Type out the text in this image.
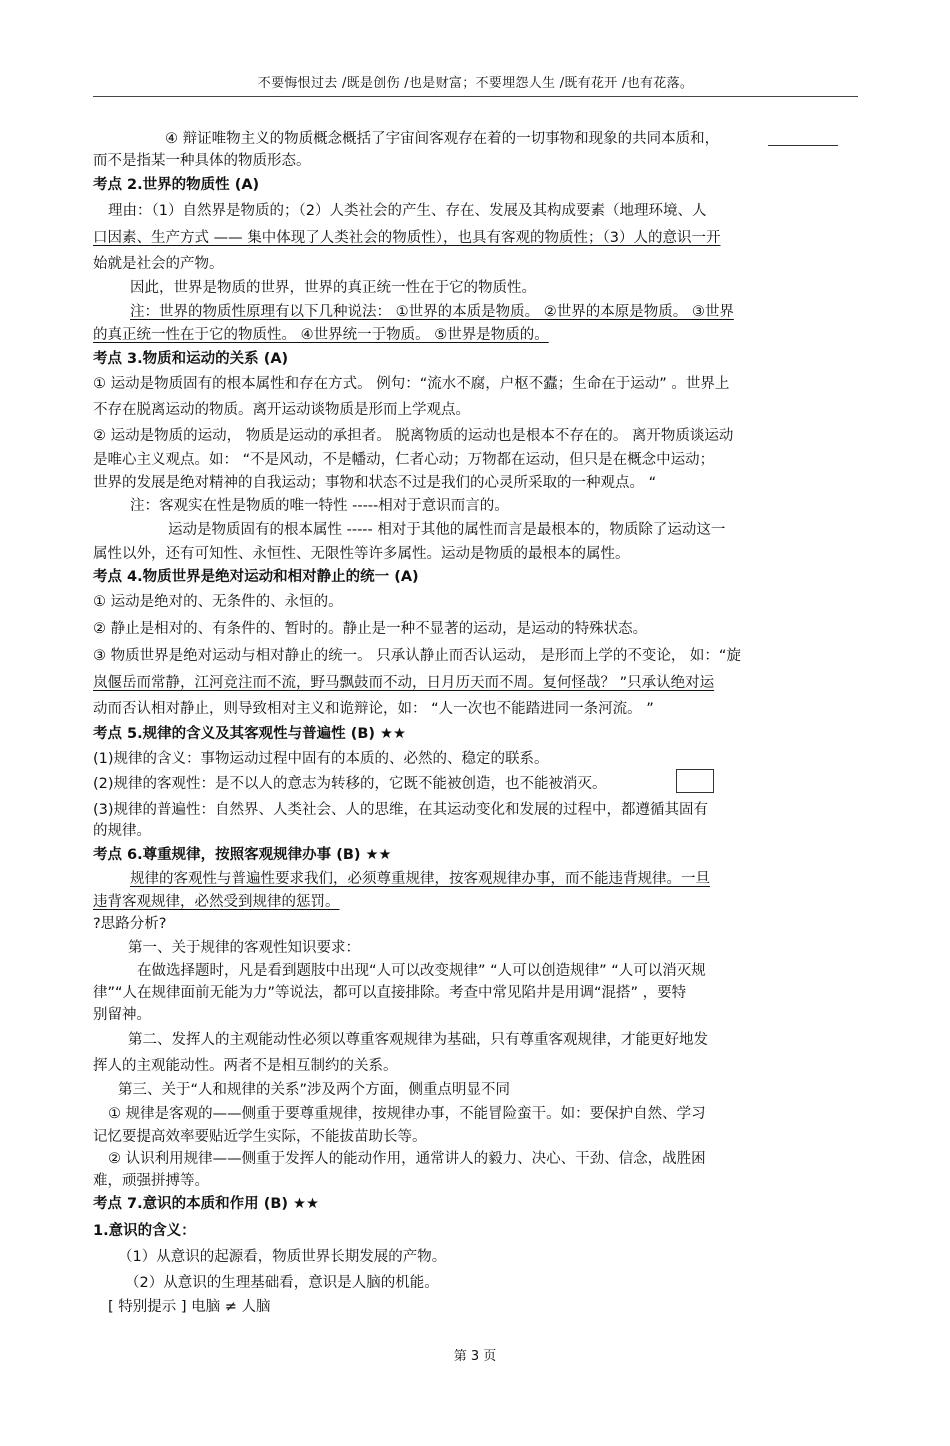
不要悔恨过去 /既是创伤 /也是财富；不要埋怨人生 /既有花开 /也有花落。
④ 辩证唯物主义的物质概念概括了宇宙间客观存在着的一切事物和现象的共同本质和，
而不是指某一种具体的物质形态。
考点 2.世界的物质性 (A)
理由：（1）自然界是物质的；（2）人类社会的产生、存在、发展及其构成要素（地理环境、人
口因素、生产方式 —— 集中体现了人类社会的物质性），也具有客观的物质性；（3）人的意识一开
始就是社会的产物。
因此，世界是物质的世界，世界的真正统一性在于它的物质性。
注：世界的物质性原理有以下几种说法： ①世界的本质是物质。 ②世界的本原是物质。 ③世界
的真正统一性在于它的物质性。 ④世界统一于物质。 ⑤世界是物质的。
考点 3.物质和运动的关系 (A)
① 运动是物质固有的根本属性和存在方式。 例句：“流水不腐，户枢不蠹；生命在于运动” 。世界上
不存在脱离运动的物质。离开运动谈物质是形而上学观点。
② 运动是物质的运动， 物质是运动的承担者。 脱离物质的运动也是根本不存在的。 离开物质谈运动
是唯心主义观点。如： “不是风动，不是幡动，仁者心动；万物都在运动，但只是在概念中运动；
世界的发展是绝对精神的自我运动；事物和状态不过是我们的心灵所采取的一种观点。 “
注：客观实在性是物质的唯一特性 -----相对于意识而言的。
运动是物质固有的根本属性 ----- 相对于其他的属性而言是最根本的，物质除了运动这一
属性以外，还有可知性、永恒性、无限性等许多属性。运动是物质的最根本的属性。
考点 4.物质世界是绝对运动和相对静止的统一 (A)
① 运动是绝对的、无条件的、永恒的。
② 静止是相对的、有条件的、暂时的。静止是一种不显著的运动，是运动的特殊状态。
③ 物质世界是绝对运动与相对静止的统一。 只承认静止而否认运动， 是形而上学的不变论， 如：“旋
岚偃岳而常静，江河竞注而不流，野马飘鼓而不动，日月历天而不周。复何怪哉？ ”只承认绝对运
动而否认相对静止，则导致相对主义和诡辩论，如： “人一次也不能踏进同一条河流。 ”
考点 5.规律的含义及其客观性与普遍性 (B) ★★
(1)规律的含义：事物运动过程中固有的本质的、必然的、稳定的联系。
(2)规律的客观性：是不以人的意志为转移的，它既不能被创造，也不能被消灭。
(3)规律的普遍性：自然界、人类社会、人的思维，在其运动变化和发展的过程中，都遵循其固有
的规律。
考点 6.尊重规律，按照客观规律办事 (B) ★★
规律的客观性与普遍性要求我们，必须尊重规律，按客观规律办事，而不能违背规律。一旦
违背客观规律，必然受到规律的惩罚。
?思路分析?
第一、关于规律的客观性知识要求：
在做选择题时，凡是看到题肢中出现“人可以改变规律” “人可以创造规律” “人可以消灭规
律”“人在规律面前无能为力”等说法，都可以直接排除。考查中常见陷井是用调“混搭” ，要特
别留神。
第二、发挥人的主观能动性必须以尊重客观规律为基础，只有尊重客观规律，才能更好地发
挥人的主观能动性。两者不是相互制约的关系。
第三、关于“人和规律的关系”涉及两个方面，侧重点明显不同
① 规律是客观的——侧重于要尊重规律，按规律办事，不能冒险蛮干。如：要保护自然、学习
记忆要提高效率要贴近学生实际，不能拔苗助长等。
② 认识利用规律——侧重于发挥人的能动作用，通常讲人的毅力、决心、干劲、信念，战胜困
难，顽强拼搏等。
考点 7.意识的本质和作用 (B) ★★
1.意识的含义：
（1）从意识的起源看，物质世界长期发展的产物。
（2）从意识的生理基础看，意识是人脑的机能。
[ 特别提示 ] 电脑 ≠ 人脑
第 3 页
